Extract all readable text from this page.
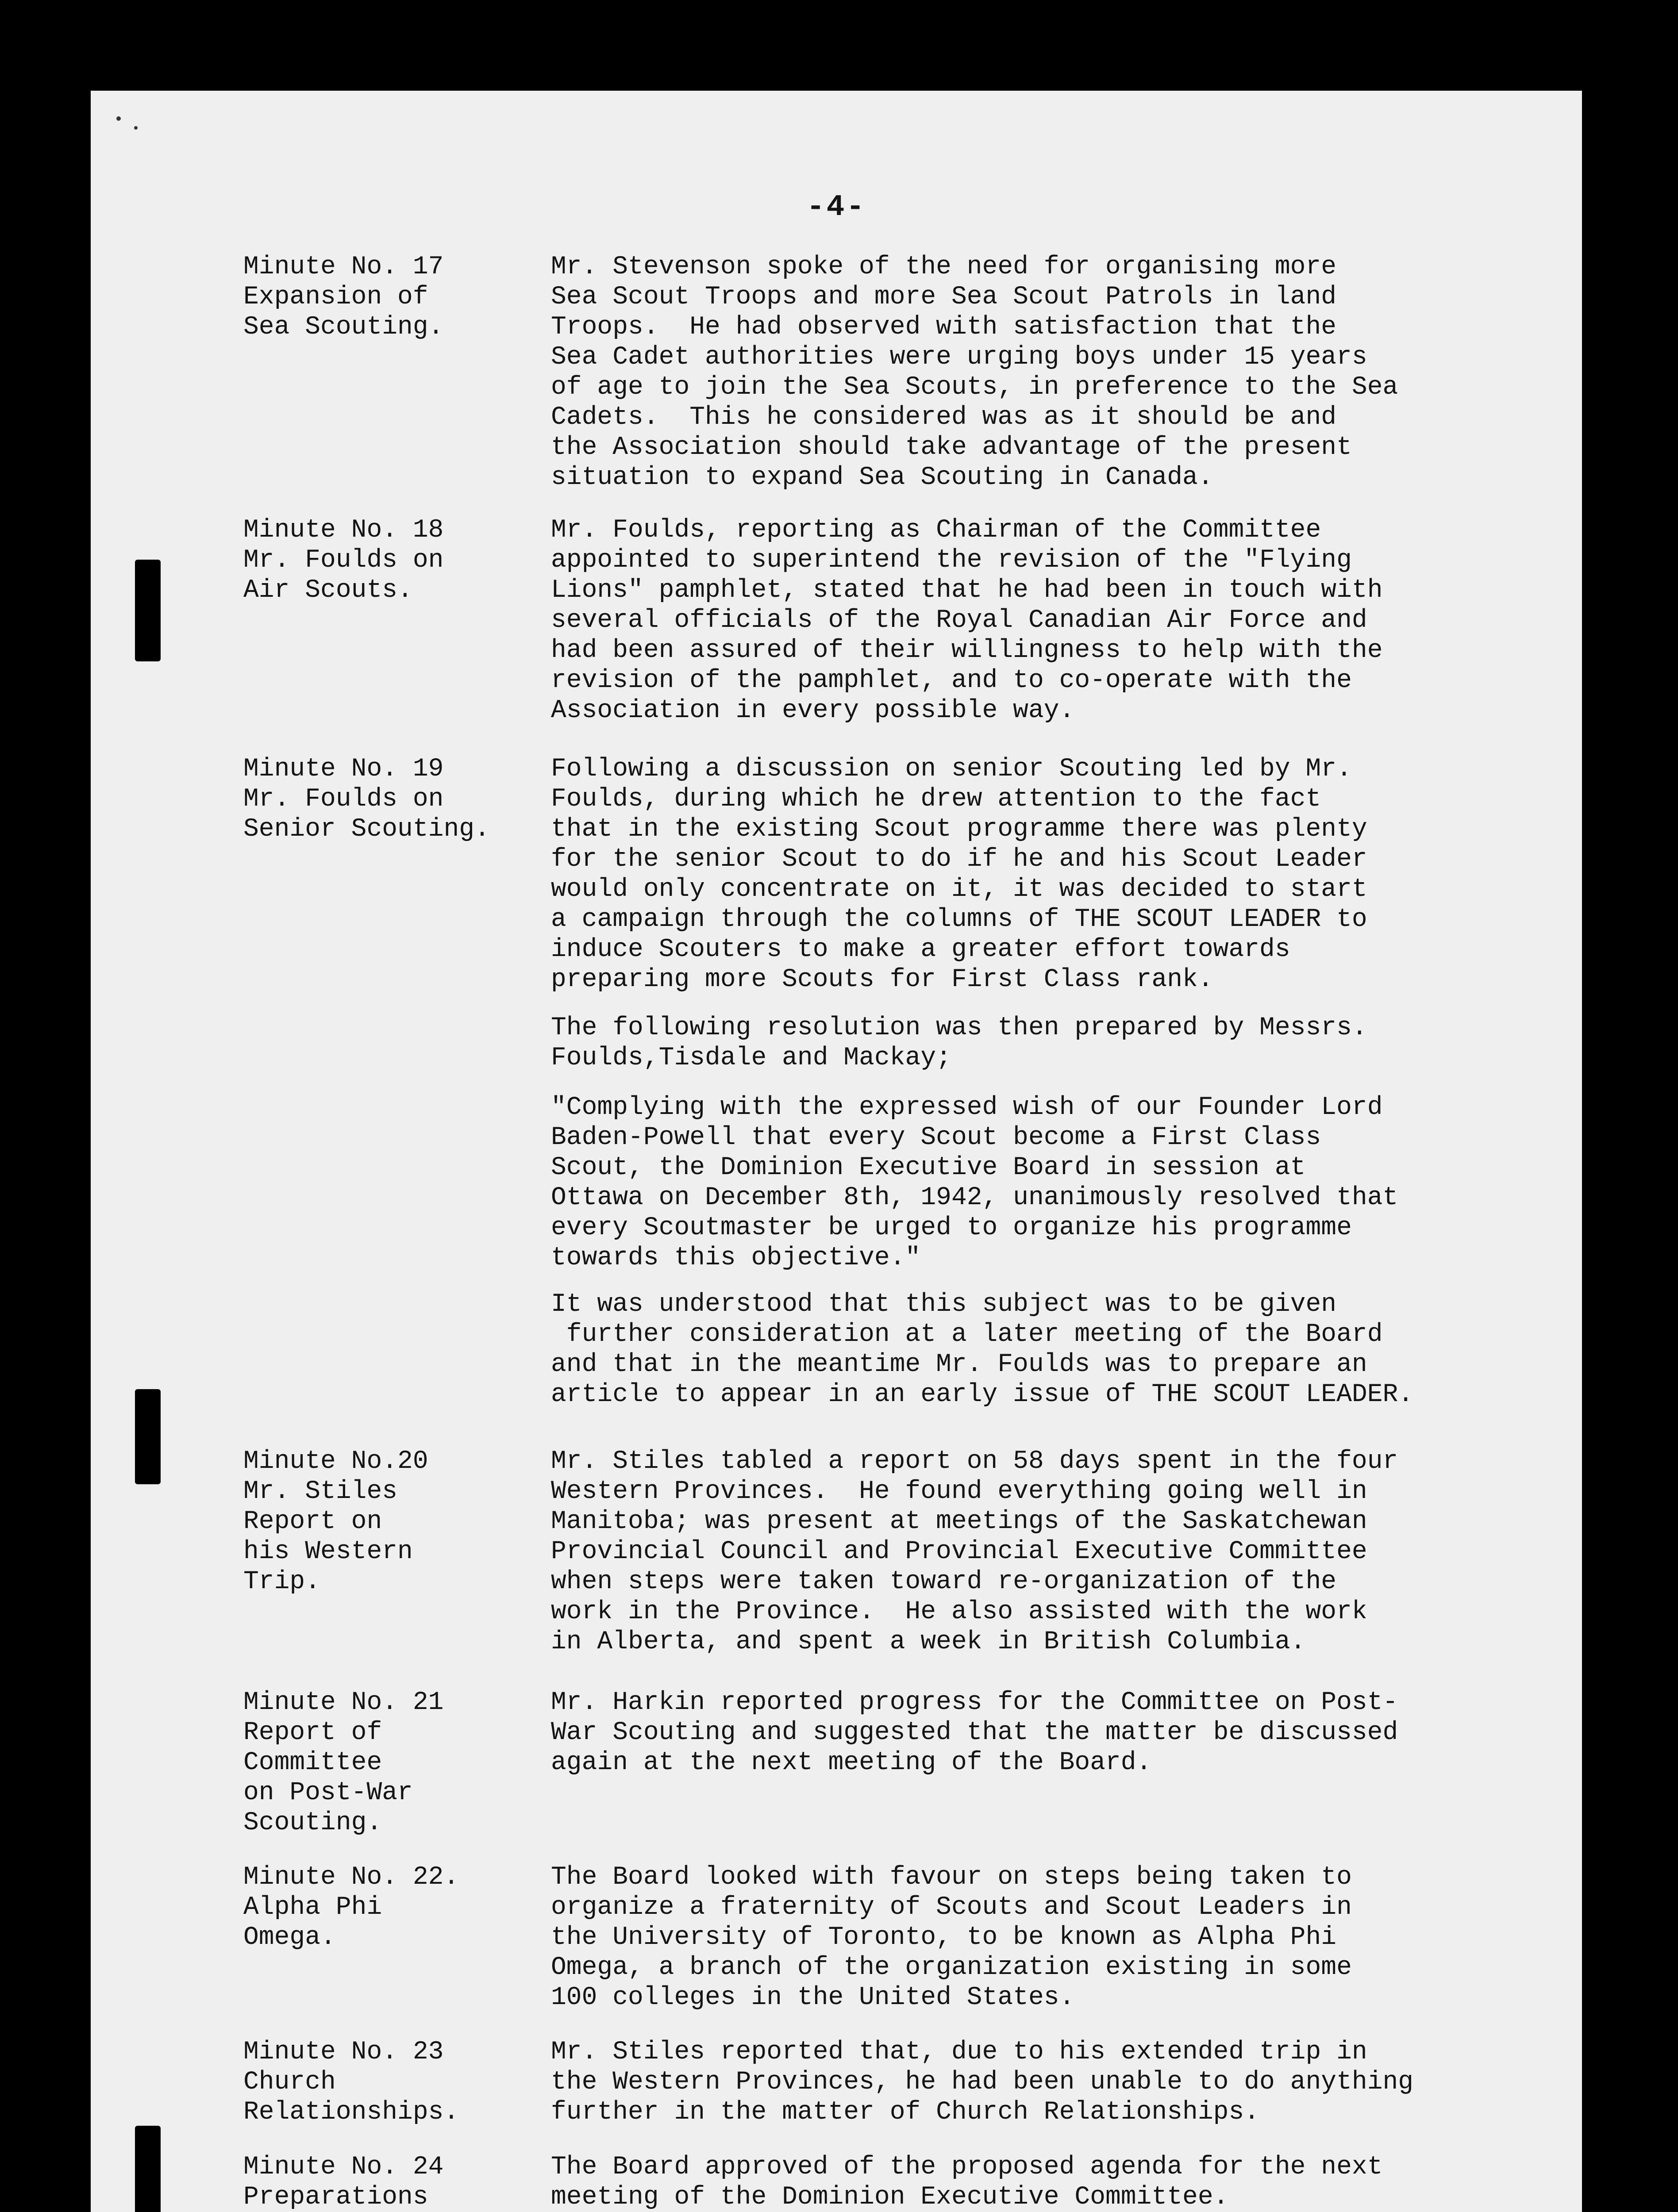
-4-
Minute No. 17
Expansion of
Sea Scouting.
Mr. Stevenson spoke of the need for organising more
Sea Scout Troops and more Sea Scout Patrols in land
Troops.  He had observed with satisfaction that the
Sea Cadet authorities were urging boys under 15 years
of age to join the Sea Scouts, in preference to the Sea
Cadets.  This he considered was as it should be and
the Association should take advantage of the present
situation to expand Sea Scouting in Canada.
Minute No. 18
Mr. Foulds on
Air Scouts.
Mr. Foulds, reporting as Chairman of the Committee
appointed to superintend the revision of the "Flying
Lions" pamphlet, stated that he had been in touch with
several officials of the Royal Canadian Air Force and
had been assured of their willingness to help with the
revision of the pamphlet, and to co-operate with the
Association in every possible way.
Minute No. 19
Mr. Foulds on
Senior Scouting.
Following a discussion on senior Scouting led by Mr.
Foulds, during which he drew attention to the fact
that in the existing Scout programme there was plenty
for the senior Scout to do if he and his Scout Leader
would only concentrate on it, it was decided to start
a campaign through the columns of THE SCOUT LEADER to
induce Scouters to make a greater effort towards
preparing more Scouts for First Class rank.
The following resolution was then prepared by Messrs.
Foulds,Tisdale and Mackay;
"Complying with the expressed wish of our Founder Lord
Baden-Powell that every Scout become a First Class
Scout, the Dominion Executive Board in session at
Ottawa on December 8th, 1942, unanimously resolved that
every Scoutmaster be urged to organize his programme
towards this objective."
It was understood that this subject was to be given
further consideration at a later meeting of the Board
and that in the meantime Mr. Foulds was to prepare an
article to appear in an early issue of THE SCOUT LEADER.
Minute No.20
Mr. Stiles
Report on
his Western
Trip.
Mr. Stiles tabled a report on 58 days spent in the four
Western Provinces.  He found everything going well in
Manitoba; was present at meetings of the Saskatchewan
Provincial Council and Provincial Executive Committee
when steps were taken toward re-organization of the
work in the Province.  He also assisted with the work
in Alberta, and spent a week in British Columbia.
Minute No. 21
Report of
Committee
on Post-War
Scouting.
Mr. Harkin reported progress for the Committee on Post-
War Scouting and suggested that the matter be discussed
again at the next meeting of the Board.
Minute No. 22.
Alpha Phi
Omega.
The Board looked with favour on steps being taken to
organize a fraternity of Scouts and Scout Leaders in
the University of Toronto, to be known as Alpha Phi
Omega, a branch of the organization existing in some
100 colleges in the United States.
Minute No. 23
Church
Relationships.
Mr. Stiles reported that, due to his extended trip in
the Western Provinces, he had been unable to do anything
further in the matter of Church Relationships.
Minute No. 24
Preparations

The Board approved of the proposed agenda for the next
meeting of the Dominion Executive Committee.
